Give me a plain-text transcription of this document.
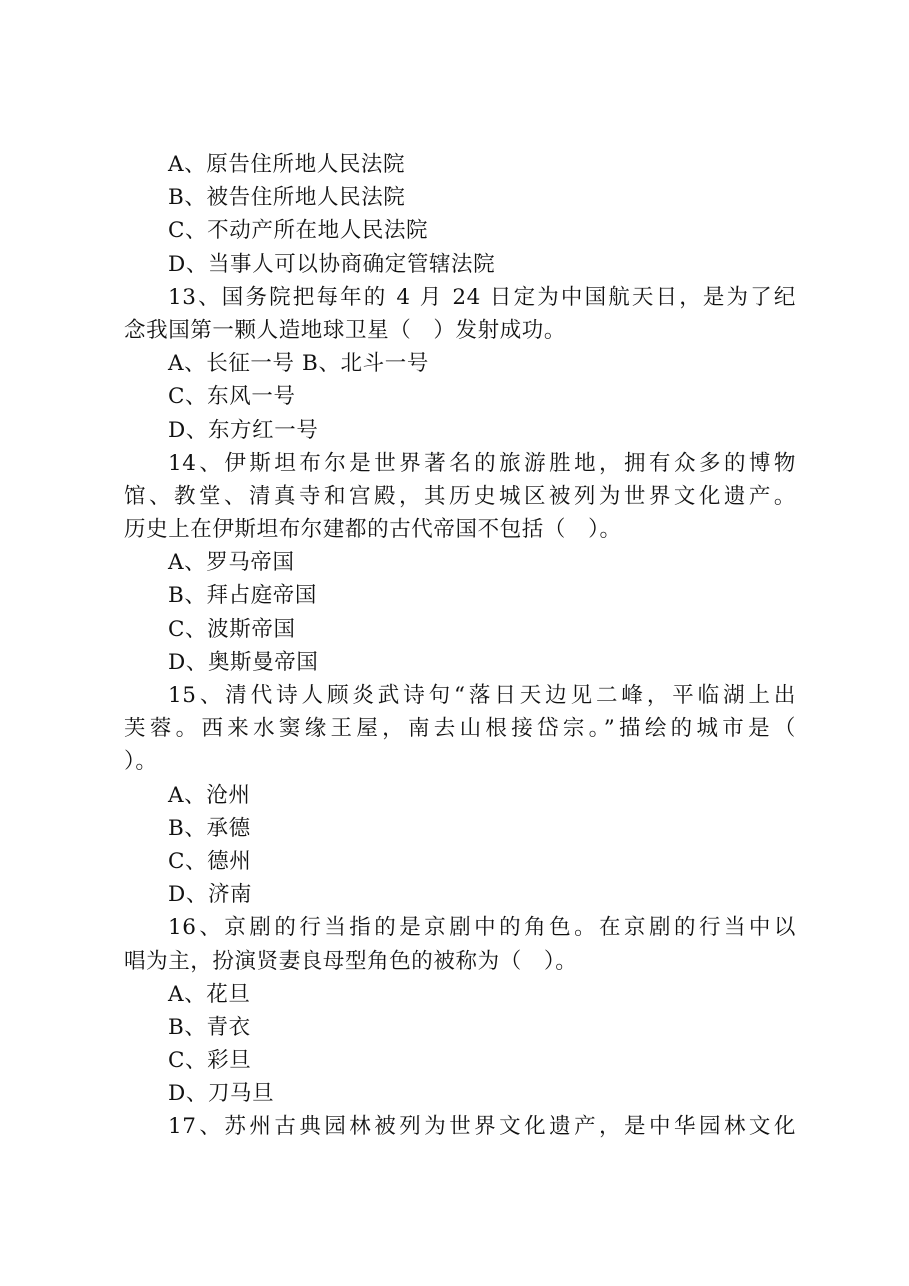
A、原告住所地人民法院
B、被告住所地人民法院
C、不动产所在地人民法院
D、当事人可以协商确定管辖法院
13、国务院把每年的 4 月 24 日定为中国航天日，是为了纪
念我国第一颗人造地球卫星（　）发射成功。
A、长征一号 B、北斗一号
C、东风一号
D、东方红一号
14、伊斯坦布尔是世界著名的旅游胜地，拥有众多的博物
馆、教堂、清真寺和宫殿，其历史城区被列为世界文化遗产。
历史上在伊斯坦布尔建都的古代帝国不包括（　）。
A、罗马帝国
B、拜占庭帝国
C、波斯帝国
D、奥斯曼帝国
15、清代诗人顾炎武诗句“落日天边见二峰，平临湖上出
芙蓉。西来水窦缘王屋，南去山根接岱宗。”描绘的城市是（
）。
A、沧州
B、承德
C、德州
D、济南
16、京剧的行当指的是京剧中的角色。在京剧的行当中以
唱为主，扮演贤妻良母型角色的被称为（　）。
A、花旦
B、青衣
C、彩旦
D、刀马旦
17、苏州古典园林被列为世界文化遗产，是中华园林文化
